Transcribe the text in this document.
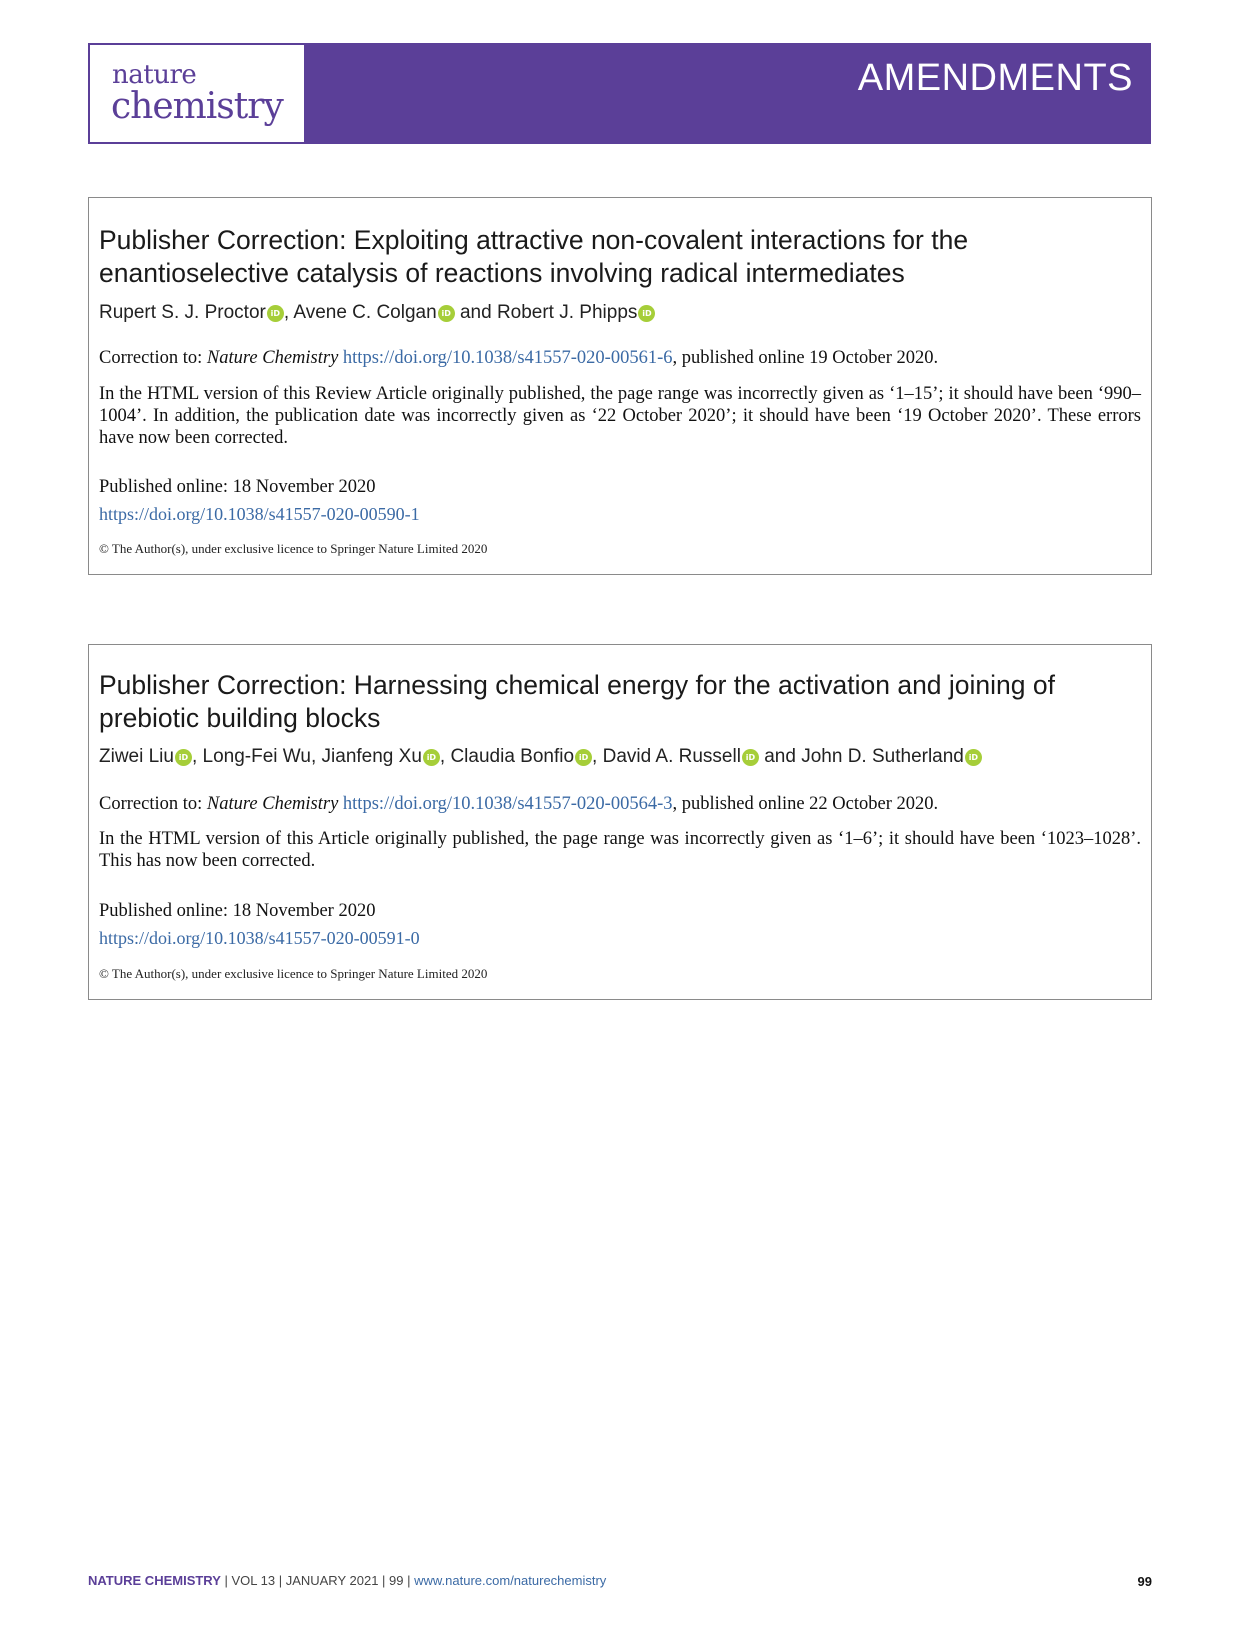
nature
chemistry
AMENDMENTS
Publisher Correction: Exploiting attractive non-covalent interactions for the enantioselective catalysis of reactions involving radical intermediates
Rupert S. J. Proctor iD , Avene C. Colgan iD and Robert J. Phipps iD
Correction to: Nature Chemistry https://doi.org/10.1038/s41557-020-00561-6, published online 19 October 2020.
In the HTML version of this Review Article originally published, the page range was incorrectly given as ‘1–15’; it should have been ‘990–1004’. In addition, the publication date was incorrectly given as ‘22 October 2020’; it should have been ‘19 October 2020’. These errors have now been corrected.
Published online: 18 November 2020
https://doi.org/10.1038/s41557-020-00590-1
© The Author(s), under exclusive licence to Springer Nature Limited 2020
Publisher Correction: Harnessing chemical energy for the activation and joining of prebiotic building blocks
Ziwei Liu iD , Long-Fei Wu, Jianfeng Xu iD , Claudia Bonfio iD , David A. Russell iD and John D. Sutherland iD
Correction to: Nature Chemistry https://doi.org/10.1038/s41557-020-00564-3, published online 22 October 2020.
In the HTML version of this Article originally published, the page range was incorrectly given as ‘1–6’; it should have been ‘1023–1028’. This has now been corrected.
Published online: 18 November 2020
https://doi.org/10.1038/s41557-020-00591-0
© The Author(s), under exclusive licence to Springer Nature Limited 2020
NATURE CHEMISTRY | VOL 13 | JANUARY 2021 | 99 | www.nature.com/naturechemistry	99
